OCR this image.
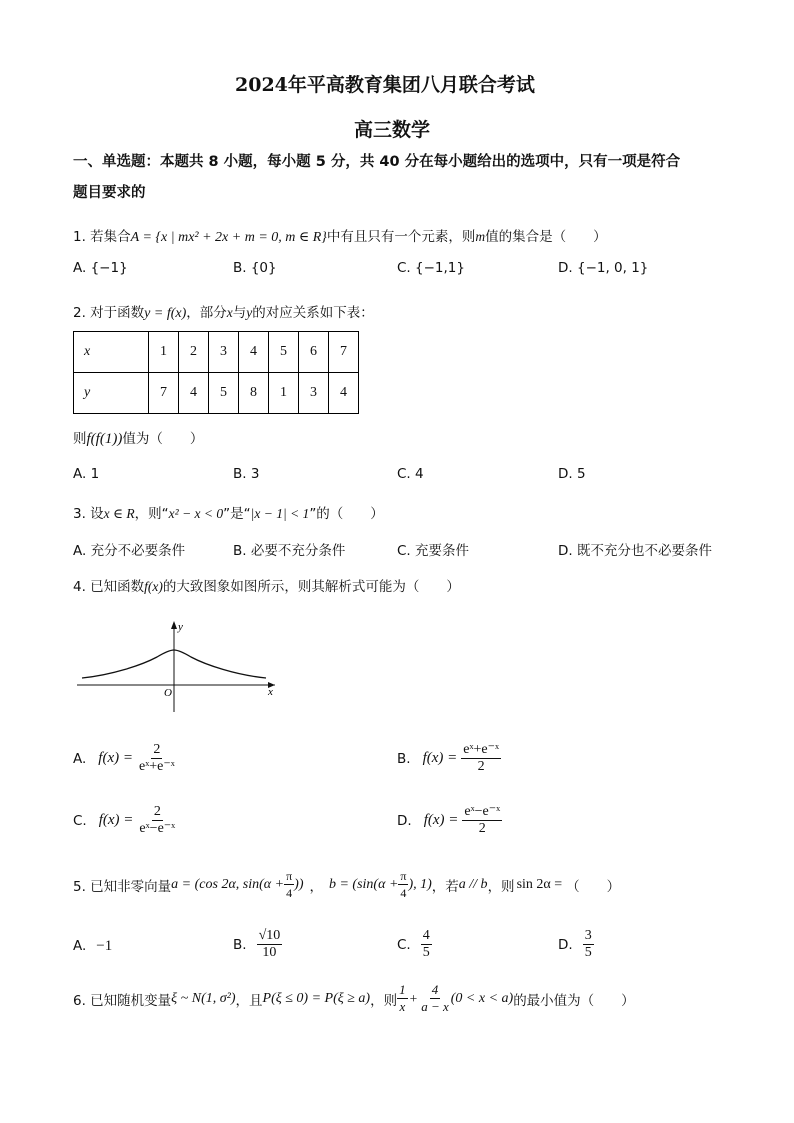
2024年平高教育集团八月联合考试
高三数学
一、单选题：本题共 8 小题，每小题 5 分，共 40 分在每小题给出的选项中，只有一项是符合
题目要求的
1. 若集合A = {x | mx² + 2x + m = 0, m ∈ R}中有且只有一个元素，则m值的集合是（　　）
A. {−1}	B. {0}	C. {−1,1}	D. {−1, 0, 1}
2. 对于函数y = f(x)，部分x与y的对应关系如下表：
x	1	2	3	4	5	6	7
y	7	4	5	8	1	3	4
则f(f(1))值为（　　）
A. 1	B. 3	C. 4	D. 5
3. 设x ∈ R，则“x² − x < 0”是“|x − 1| < 1”的（　　）
A. 充分不必要条件	B. 必要不充分条件	C. 充要条件	D. 既不充分也不必要条件
4. 已知函数f(x)的大致图象如图所示，则其解析式可能为（　　）
y
x
O
A. $f(x) = \frac{2}{\text{eˣ+e⁻ˣ}}$	B. $f(x) = \frac{\text{eˣ+e⁻ˣ}}{2}$
C. $f(x) = \frac{2}{\text{eˣ−e⁻ˣ}}$	D. $f(x) = \frac{\text{eˣ−e⁻ˣ}}{2}$
5. 已知非零向量 a = (cos 2α, $\sin(\alpha + \frac{\pi}{4}$ )) ， $b = (\sin(\alpha + \frac{\pi}{4}$ ), 1) ，若 a // b ，则 sin 2α = （　　）
A. −1	B. $\frac{√10}{10}$	C. $\frac{4}{5}$	D. $\frac{3}{5}$
6. 已知随机变量 ξ ~ N(1, σ²) ，且 P(ξ ≤ 0) = P(ξ ≥ a) ，则 $\frac{1}{x} + \frac{4}{a - x} (0 < x < a)$ 的最小值为（　　）
